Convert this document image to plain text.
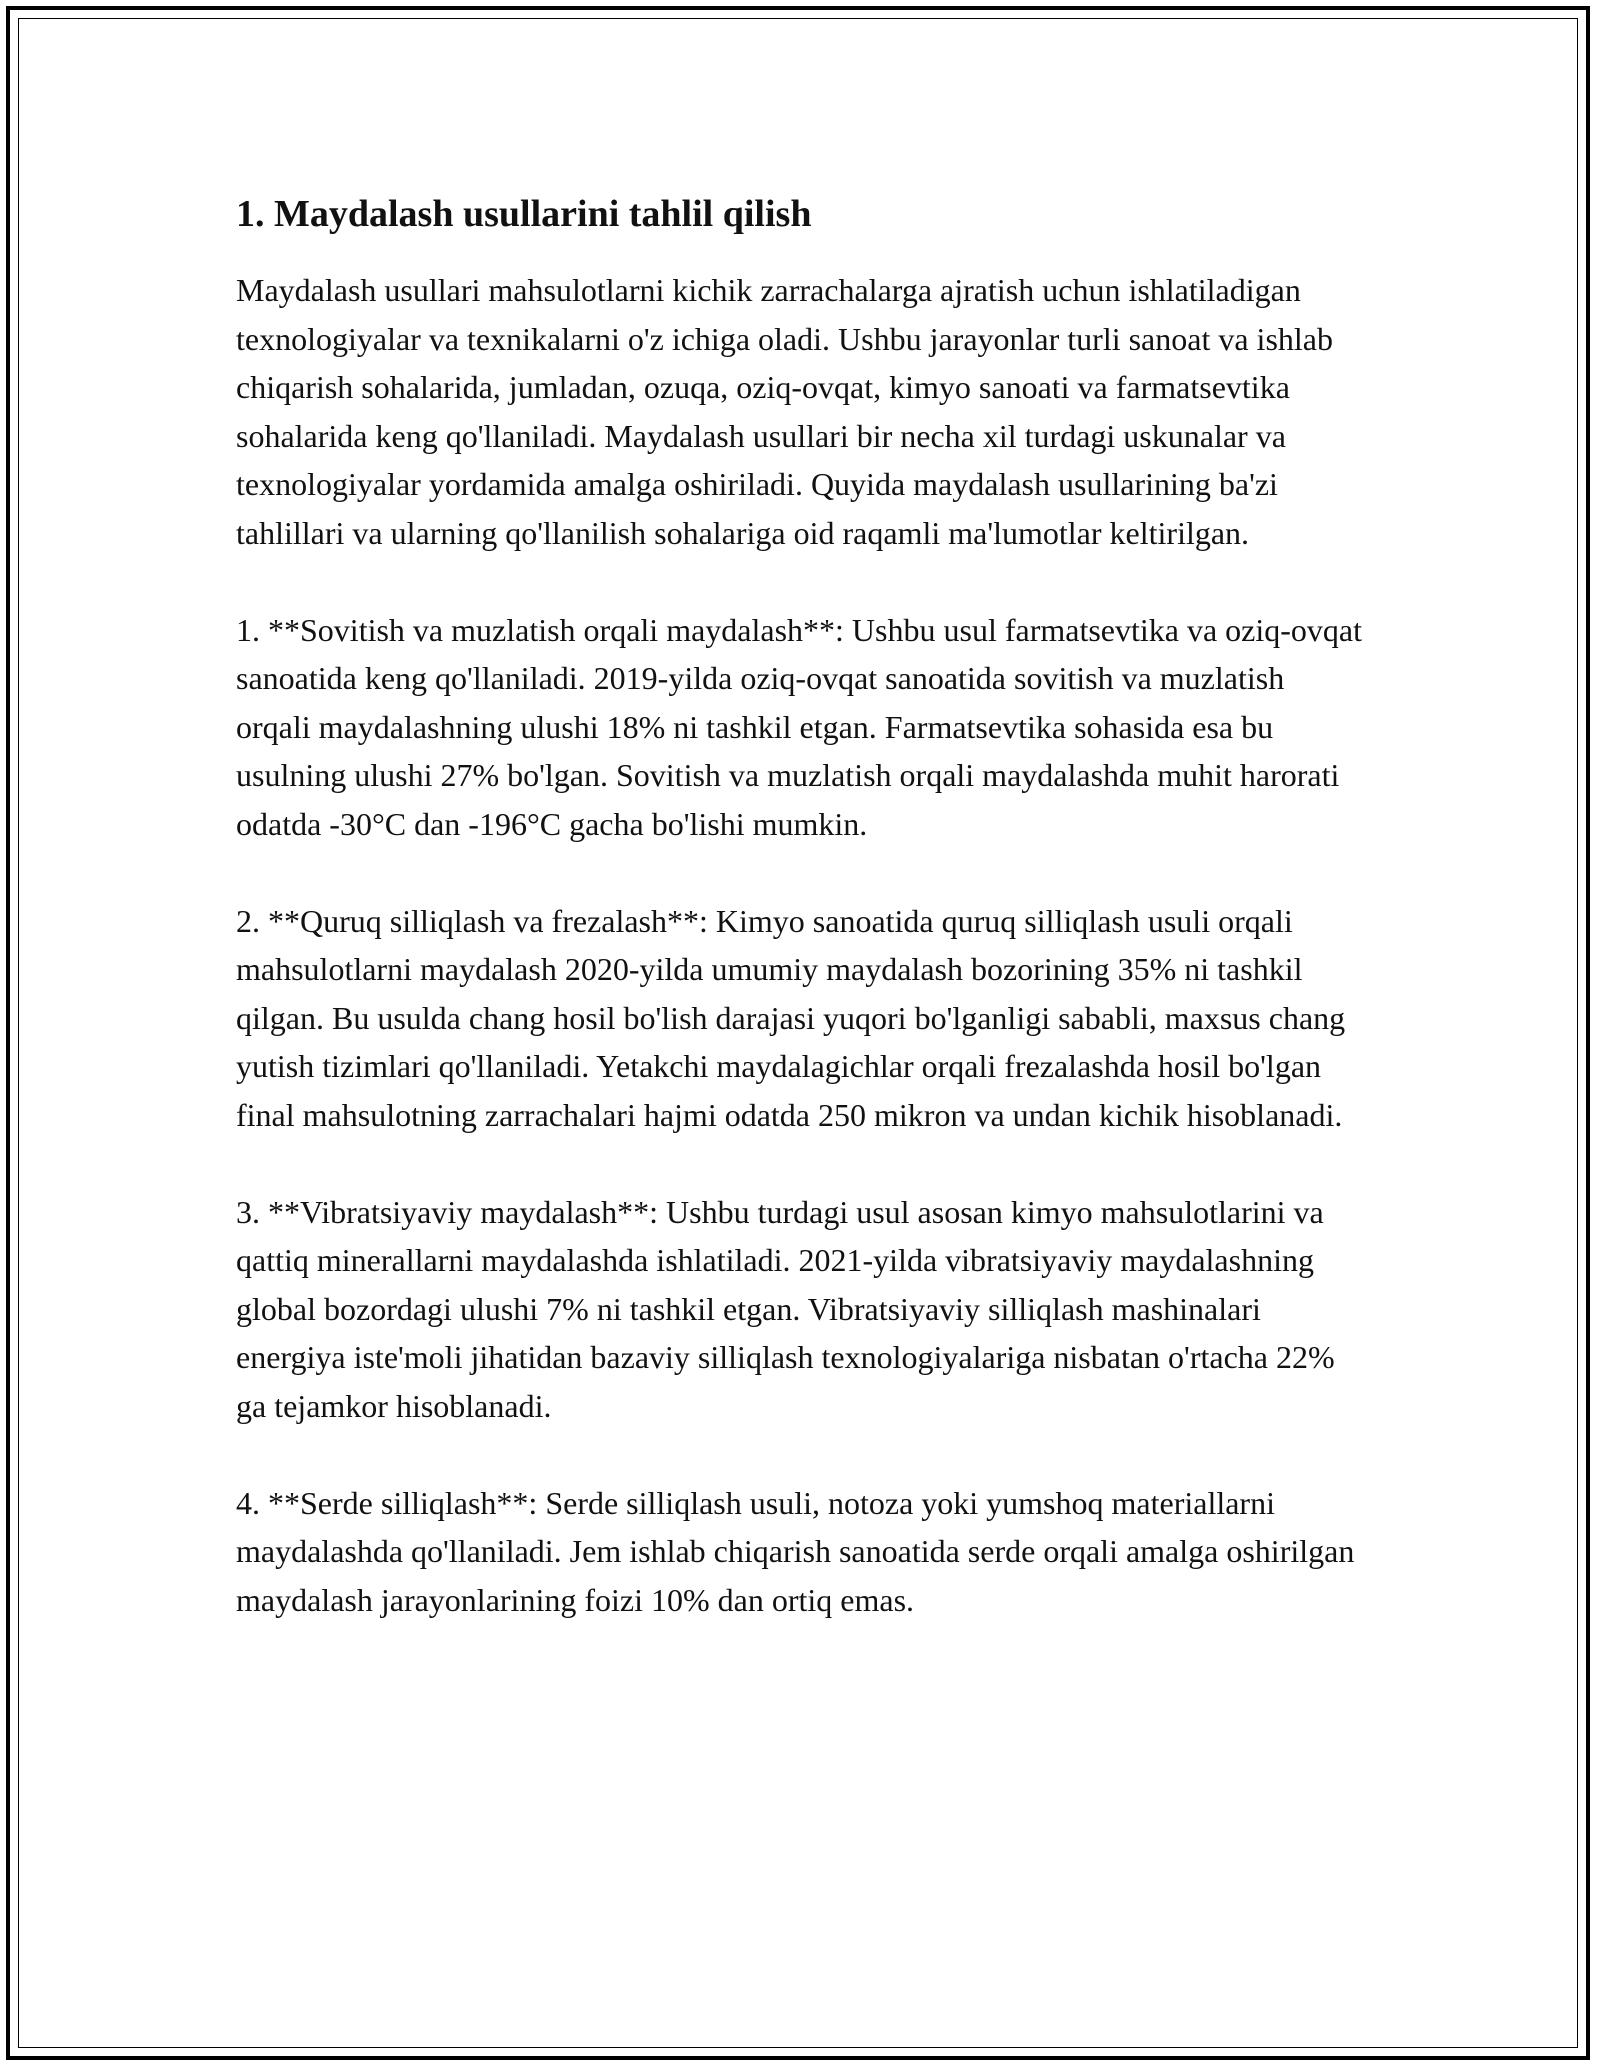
1. Maydalash usullarini tahlil qilish

Maydalash usullari mahsulotlarni kichik zarrachalarga ajratish uchun ishlatiladigan texnologiyalar va texnikalarni o'z ichiga oladi. Ushbu jarayonlar turli sanoat va ishlab chiqarish sohalarida, jumladan, ozuqa, oziq-ovqat, kimyo sanoati va farmatsevtika sohalarida keng qo'llaniladi. Maydalash usullari bir necha xil turdagi uskunalar va texnologiyalar yordamida amalga oshiriladi. Quyida maydalash usullarining ba'zi tahlillari va ularning qo'llanilish sohalariga oid raqamli ma'lumotlar keltirilgan.

1. **Sovitish va muzlatish orqali maydalash**: Ushbu usul farmatsevtika va oziq-ovqat sanoatida keng qo'llaniladi. 2019-yilda oziq-ovqat sanoatida sovitish va muzlatish orqali maydalashning ulushi 18% ni tashkil etgan. Farmatsevtika sohasida esa bu usulning ulushi 27% bo'lgan. Sovitish va muzlatish orqali maydalashda muhit harorati odatda -30°C dan -196°C gacha bo'lishi mumkin.

2. **Quruq silliqlash va frezalash**: Kimyo sanoatida quruq silliqlash usuli orqali mahsulotlarni maydalash 2020-yilda umumiy maydalash bozorining 35% ni tashkil qilgan. Bu usulda chang hosil bo'lish darajasi yuqori bo'lganligi sababli, maxsus chang yutish tizimlari qo'llaniladi. Yetakchi maydalagichlar orqali frezalashda hosil bo'lgan final mahsulotning zarrachalari hajmi odatda 250 mikron va undan kichik hisoblanadi.

3. **Vibratsiyaviy maydalash**: Ushbu turdagi usul asosan kimyo mahsulotlarini va qattiq minerallarni maydalashda ishlatiladi. 2021-yilda vibratsiyaviy maydalashning global bozordagi ulushi 7% ni tashkil etgan. Vibratsiyaviy silliqlash mashinalari energiya iste'moli jihatidan bazaviy silliqlash texnologiyalariga nisbatan o'rtacha 22% ga tejamkor hisoblanadi.

4. **Serde silliqlash**: Serde silliqlash usuli, notoza yoki yumshoq materiallarni maydalashda qo'llaniladi. Jem ishlab chiqarish sanoatida serde orqali amalga oshirilgan maydalash jarayonlarining foizi 10% dan ortiq emas.
